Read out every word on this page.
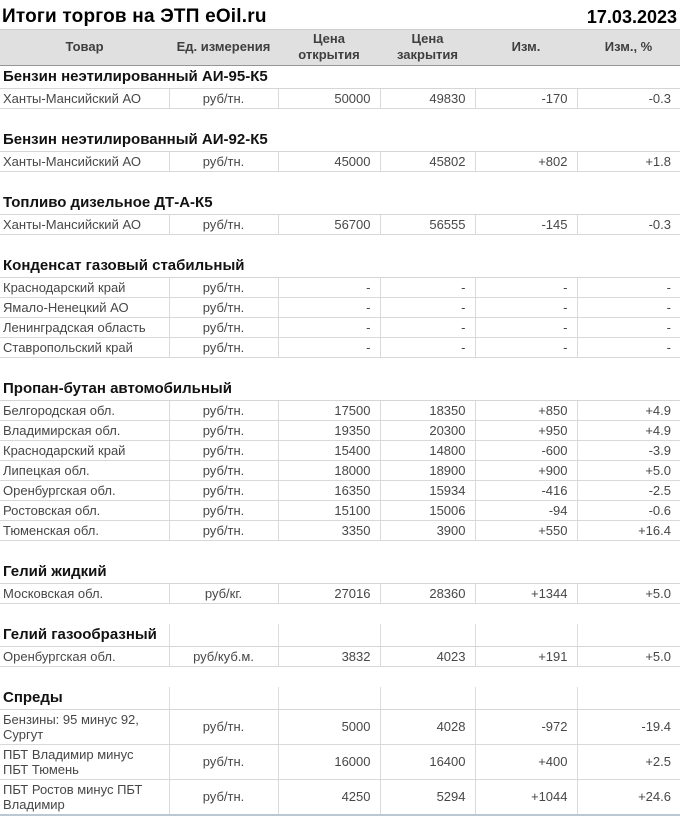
Итоги торгов на ЭТП eOil.ru	17.03.2023
Товар	Ед. измерения	Цена открытия	Цена закрытия	Изм.	Изм., %
Бензин неэтилированный АИ-95-К5					
Ханты-Мансийский АО	руб/тн.	50000	49830	-170	-0.3

Бензин неэтилированный АИ-92-К5					
Ханты-Мансийский АО	руб/тн.	45000	45802	+802	+1.8

Топливо дизельное ДТ-А-К5					
Ханты-Мансийский АО	руб/тн.	56700	56555	-145	-0.3

Конденсат газовый стабильный					
Краснодарский край	руб/тн.	-	-	-	-
Ямало-Ненецкий АО	руб/тн.	-	-	-	-
Ленинградская область	руб/тн.	-	-	-	-
Ставропольский край	руб/тн.	-	-	-	-

Пропан-бутан автомобильный					
Белгородская обл.	руб/тн.	17500	18350	+850	+4.9
Владимирская обл.	руб/тн.	19350	20300	+950	+4.9
Краснодарский край	руб/тн.	15400	14800	-600	-3.9
Липецкая обл.	руб/тн.	18000	18900	+900	+5.0
Оренбургская обл.	руб/тн.	16350	15934	-416	-2.5
Ростовская обл.	руб/тн.	15100	15006	-94	-0.6
Тюменская обл.	руб/тн.	3350	3900	+550	+16.4

Гелий жидкий					
Московская обл.	руб/кг.	27016	28360	+1344	+5.0

Гелий газообразный					
Оренбургская обл.	руб/куб.м.	3832	4023	+191	+5.0

Спреды					
Бензины: 95 минус 92, Сургут	руб/тн.	5000	4028	-972	-19.4
ПБТ Владимир минус ПБТ Тюмень	руб/тн.	16000	16400	+400	+2.5
ПБТ Ростов минус ПБТ Владимир	руб/тн.	4250	5294	+1044	+24.6
